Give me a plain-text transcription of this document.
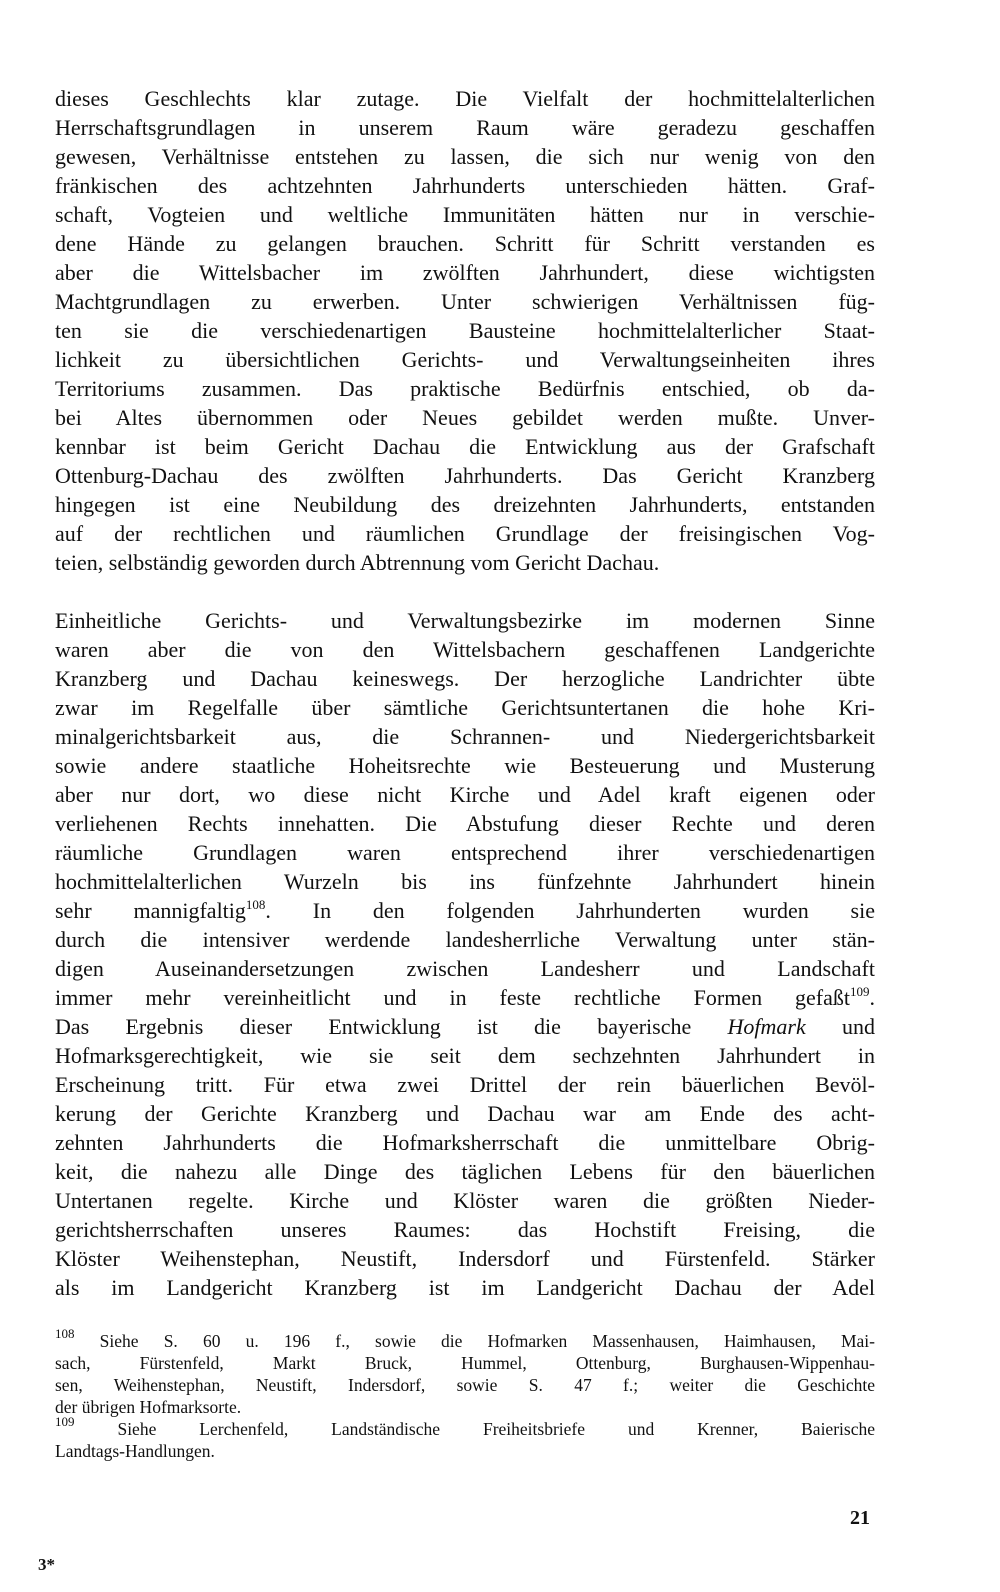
dieses Geschlechts klar zutage. Die Vielfalt der hochmittelalterlichen
Herrschaftsgrundlagen in unserem Raum wäre geradezu geschaffen
gewesen, Verhältnisse entstehen zu lassen, die sich nur wenig von den
fränkischen des achtzehnten Jahrhunderts unterschieden hätten. Graf-
schaft, Vogteien und weltliche Immunitäten hätten nur in verschie-
dene Hände zu gelangen brauchen. Schritt für Schritt verstanden es
aber die Wittelsbacher im zwölften Jahrhundert, diese wichtigsten
Machtgrundlagen zu erwerben. Unter schwierigen Verhältnissen füg-
ten sie die verschiedenartigen Bausteine hochmittelalterlicher Staat-
lichkeit zu übersichtlichen Gerichts- und Verwaltungseinheiten ihres
Territoriums zusammen. Das praktische Bedürfnis entschied, ob da-
bei Altes übernommen oder Neues gebildet werden mußte. Unver-
kennbar ist beim Gericht Dachau die Entwicklung aus der Grafschaft
Ottenburg-Dachau des zwölften Jahrhunderts. Das Gericht Kranzberg
hingegen ist eine Neubildung des dreizehnten Jahrhunderts, entstanden
auf der rechtlichen und räumlichen Grundlage der freisingischen Vog-
teien, selbständig geworden durch Abtrennung vom Gericht Dachau.
Einheitliche Gerichts- und Verwaltungsbezirke im modernen Sinne
waren aber die von den Wittelsbachern geschaffenen Landgerichte
Kranzberg und Dachau keineswegs. Der herzogliche Landrichter übte
zwar im Regelfalle über sämtliche Gerichtsuntertanen die hohe Kri-
minalgerichtsbarkeit aus, die Schrannen- und Niedergerichtsbarkeit
sowie andere staatliche Hoheitsrechte wie Besteuerung und Musterung
aber nur dort, wo diese nicht Kirche und Adel kraft eigenen oder
verliehenen Rechts innehatten. Die Abstufung dieser Rechte und deren
räumliche Grundlagen waren entsprechend ihrer verschiedenartigen
hochmittelalterlichen Wurzeln bis ins fünfzehnte Jahrhundert hinein
sehr mannigfaltig$^{108}$. In den folgenden Jahrhunderten wurden sie
durch die intensiver werdende landesherrliche Verwaltung unter stän-
digen Auseinandersetzungen zwischen Landesherr und Landschaft
immer mehr vereinheitlicht und in feste rechtliche Formen gefaßt$^{109}$.
Das Ergebnis dieser Entwicklung ist die bayerische Hofmark und
Hofmarksgerechtigkeit, wie sie seit dem sechzehnten Jahrhundert in
Erscheinung tritt. Für etwa zwei Drittel der rein bäuerlichen Bevöl-
kerung der Gerichte Kranzberg und Dachau war am Ende des acht-
zehnten Jahrhunderts die Hofmarksherrschaft die unmittelbare Obrig-
keit, die nahezu alle Dinge des täglichen Lebens für den bäuerlichen
Untertanen regelte. Kirche und Klöster waren die größten Nieder-
gerichtsherrschaften unseres Raumes: das Hochstift Freising, die
Klöster Weihenstephan, Neustift, Indersdorf und Fürstenfeld. Stärker
als im Landgericht Kranzberg ist im Landgericht Dachau der Adel
$^{108}$ Siehe S. 60 u. 196 f., sowie die Hofmarken Massenhausen, Haimhausen, Mai-
sach, Fürstenfeld, Markt Bruck, Hummel, Ottenburg, Burghausen-Wippenhau-
sen, Weihenstephan, Neustift, Indersdorf, sowie S. 47 f.; weiter die Geschichte
der übrigen Hofmarksorte.
$^{109}$ Siehe Lerchenfeld, Landständische Freiheitsbriefe und Krenner, Baierische
Landtags-Handlungen.
21
3*
